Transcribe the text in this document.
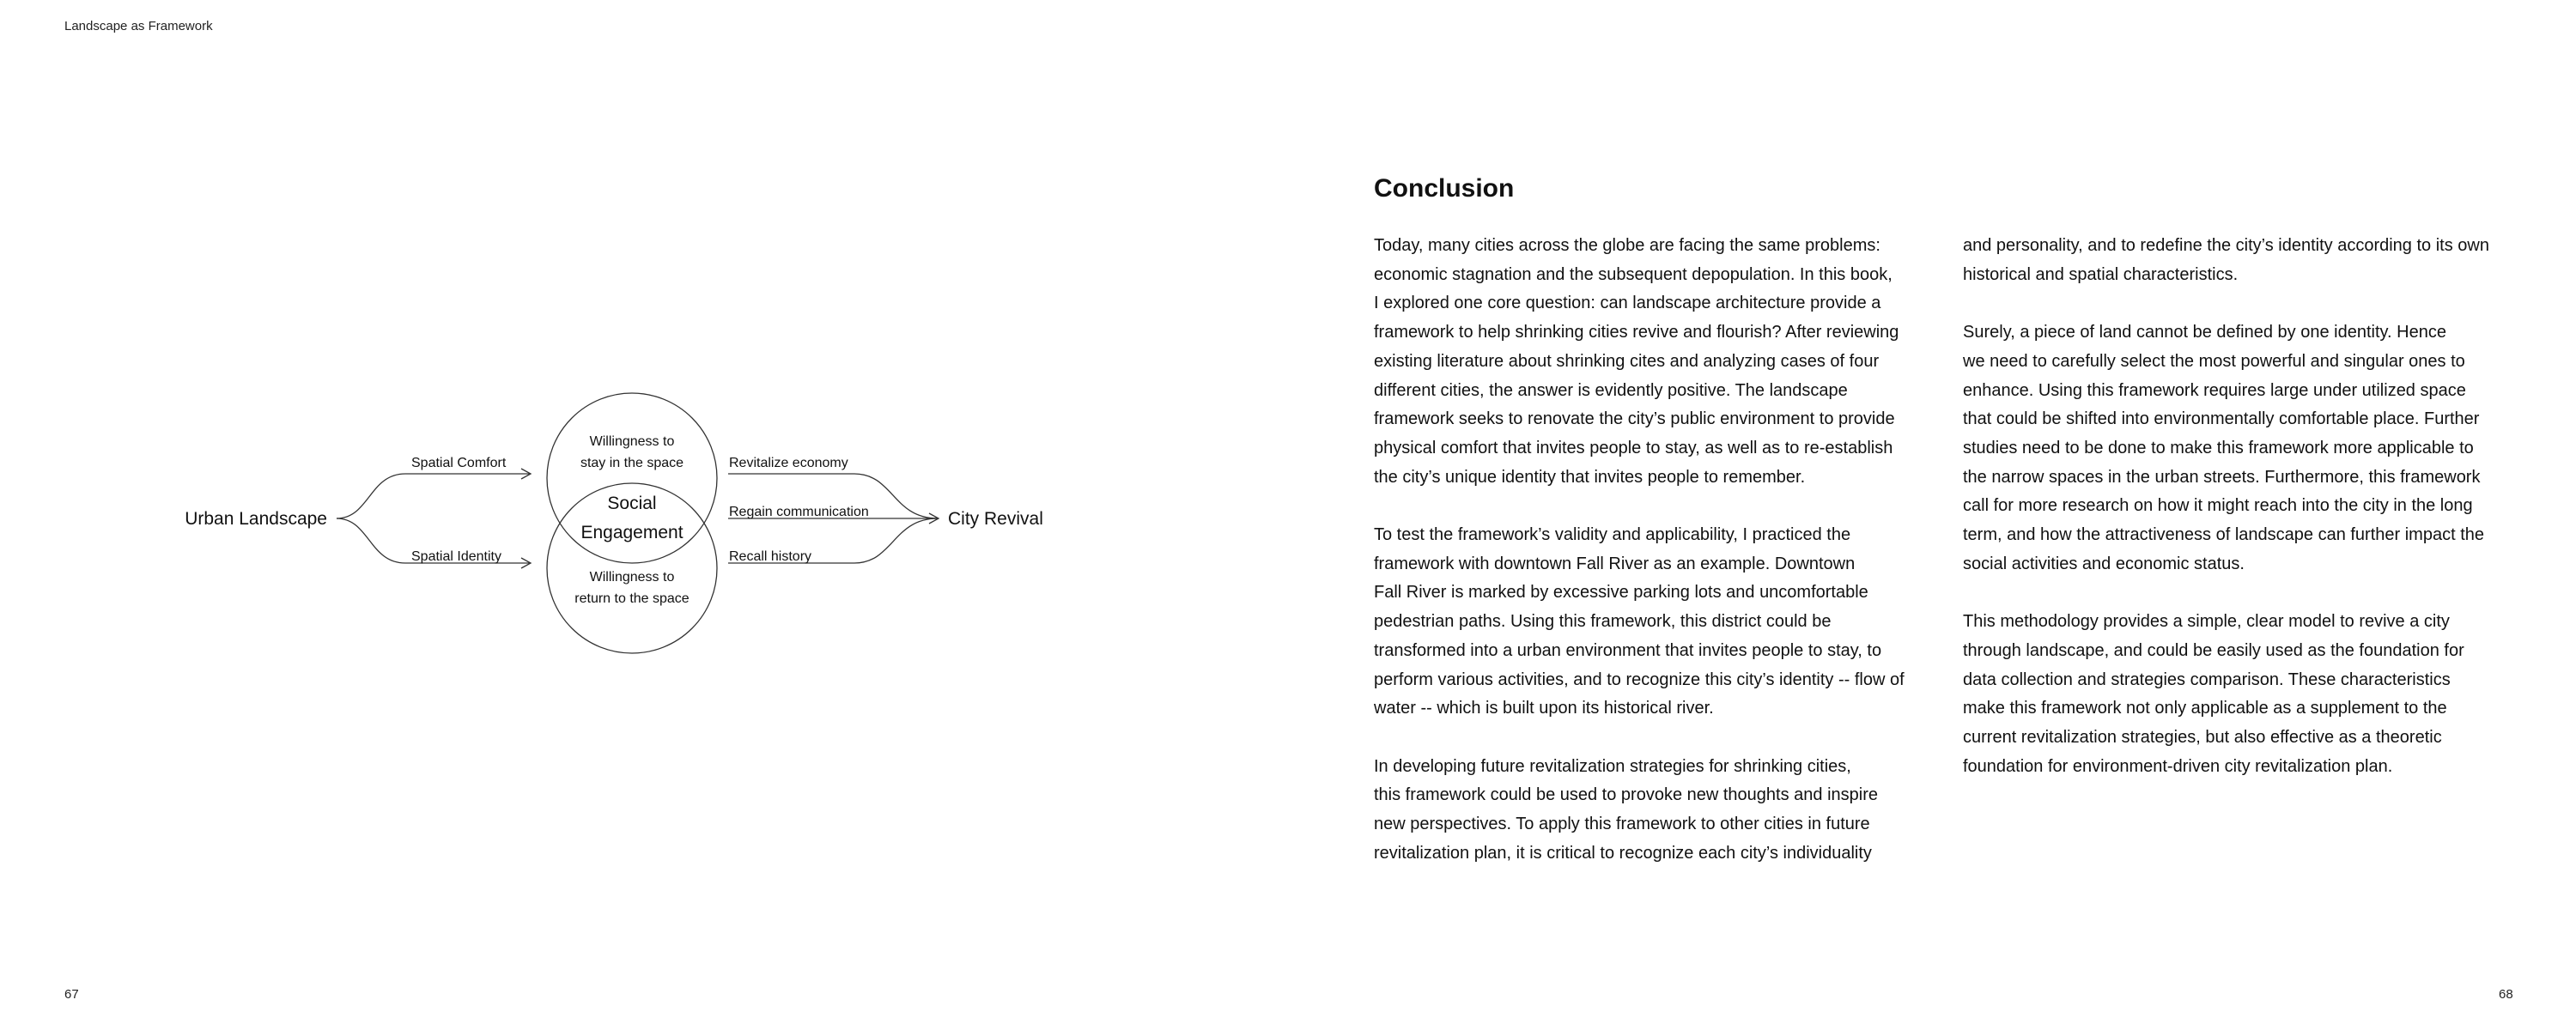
Landscape as Framework
Urban Landscape
Spatial Comfort
Spatial Identity
Willingness to
stay in the space
Social
Engagement
Willingness to
return to the space
Revitalize economy
Regain communication
Recall history
City Revival
Conclusion

Today, many cities across the globe are facing the same problems:
economic stagnation and the subsequent depopulation. In this book,
I explored one core question: can landscape architecture provide a
framework to help shrinking cities revive and flourish? After reviewing
existing literature about shrinking cites and analyzing cases of four
different cities, the answer is evidently positive. The landscape
framework seeks to renovate the city’s public environment to provide
physical comfort that invites people to stay, as well as to re-establish
the city’s unique identity that invites people to remember.

To test the framework’s validity and applicability, I practiced the
framework with downtown Fall River as an example. Downtown
Fall River is marked by excessive parking lots and uncomfortable
pedestrian paths. Using this framework, this district could be
transformed into a urban environment that invites people to stay, to
perform various activities, and to recognize this city’s identity -- flow of
water -- which is built upon its historical river.

In developing future revitalization strategies for shrinking cities,
this framework could be used to provoke new thoughts and inspire
new perspectives. To apply this framework to other cities in future
revitalization plan, it is critical to recognize each city’s individuality

and personality, and to redefine the city’s identity according to its own
historical and spatial characteristics.

Surely, a piece of land cannot be defined by one identity. Hence
we need to carefully select the most powerful and singular ones to
enhance. Using this framework requires large under utilized space
that could be shifted into environmentally comfortable place. Further
studies need to be done to make this framework more applicable to
the narrow spaces in the urban streets. Furthermore, this framework
call for more research on how it might reach into the city in the long
term, and how the attractiveness of landscape can further impact the
social activities and economic status.

This methodology provides a simple, clear model to revive a city
through landscape, and could be easily used as the foundation for
data collection and strategies comparison. These characteristics
make this framework not only applicable as a supplement to the
current revitalization strategies, but also effective as a theoretic
foundation for environment-driven city revitalization plan.

67	68
